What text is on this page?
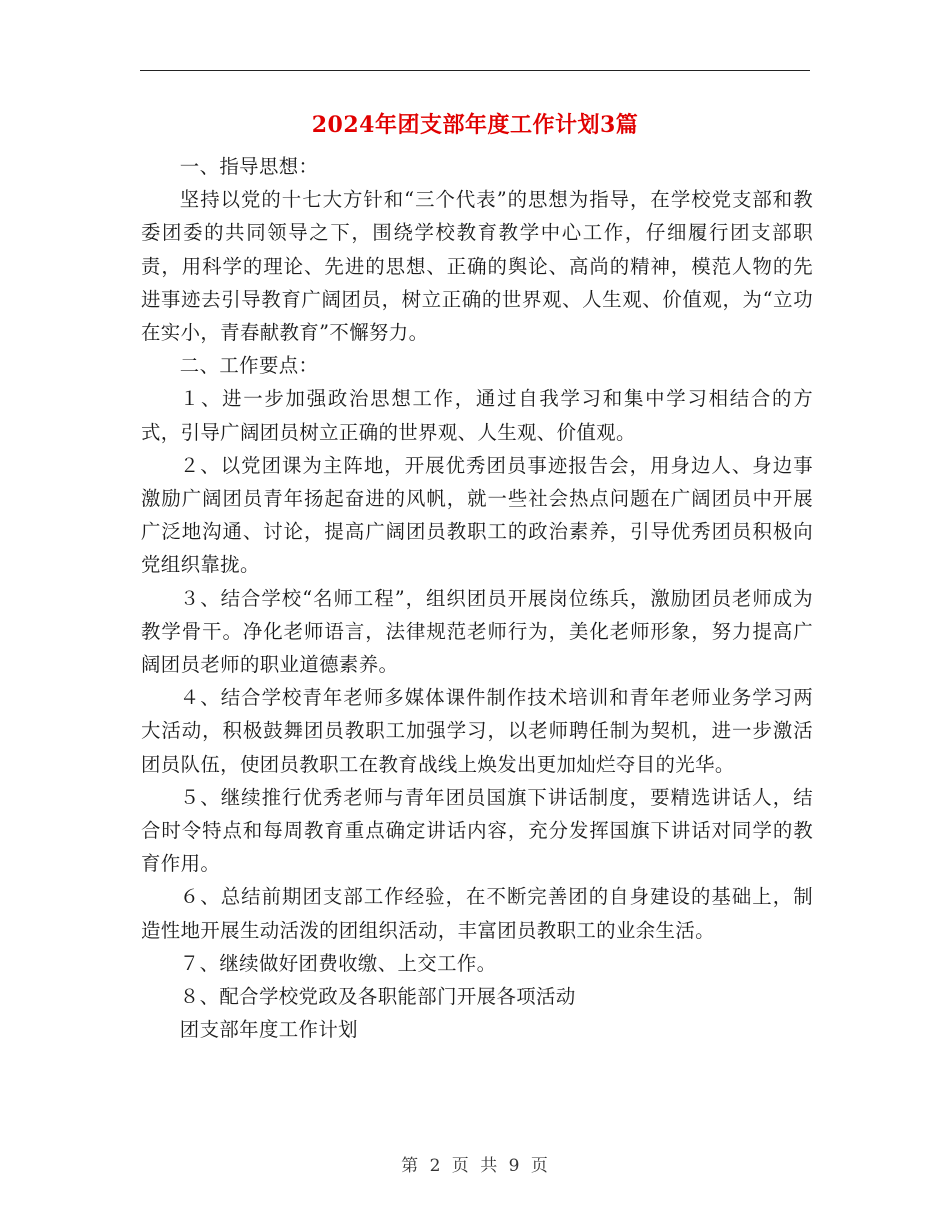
2024年团支部年度工作计划3篇

一、指导思想：

坚持以党的十七大方针和“三个代表”的思想为指导，在学校党支部和教委团委的共同领导之下，围绕学校教育教学中心工作，仔细履行团支部职责，用科学的理论、先进的思想、正确的舆论、高尚的精神，模范人物的先进事迹去引导教育广阔团员，树立正确的世界观、人生观、价值观，为“立功在实小，青春献教育”不懈努力。

二、工作要点：

１、进一步加强政治思想工作，通过自我学习和集中学习相结合的方式，引导广阔团员树立正确的世界观、人生观、价值观。

２、以党团课为主阵地，开展优秀团员事迹报告会，用身边人、身边事激励广阔团员青年扬起奋进的风帆，就一些社会热点问题在广阔团员中开展广泛地沟通、讨论，提高广阔团员教职工的政治素养，引导优秀团员积极向党组织靠拢。

３、结合学校“名师工程”，组织团员开展岗位练兵，激励团员老师成为教学骨干。净化老师语言，法律规范老师行为，美化老师形象，努力提高广阔团员老师的职业道德素养。

４、结合学校青年老师多媒体课件制作技术培训和青年老师业务学习两大活动，积极鼓舞团员教职工加强学习，以老师聘任制为契机，进一步激活团员队伍，使团员教职工在教育战线上焕发出更加灿烂夺目的光华。

５、继续推行优秀老师与青年团员国旗下讲话制度，要精选讲话人，结合时令特点和每周教育重点确定讲话内容，充分发挥国旗下讲话对同学的教育作用。

６、总结前期团支部工作经验，在不断完善团的自身建设的基础上，制造性地开展生动活泼的团组织活动，丰富团员教职工的业余生活。

７、继续做好团费收缴、上交工作。

８、配合学校党政及各职能部门开展各项活动

团支部年度工作计划

第 2 页 共 9 页
